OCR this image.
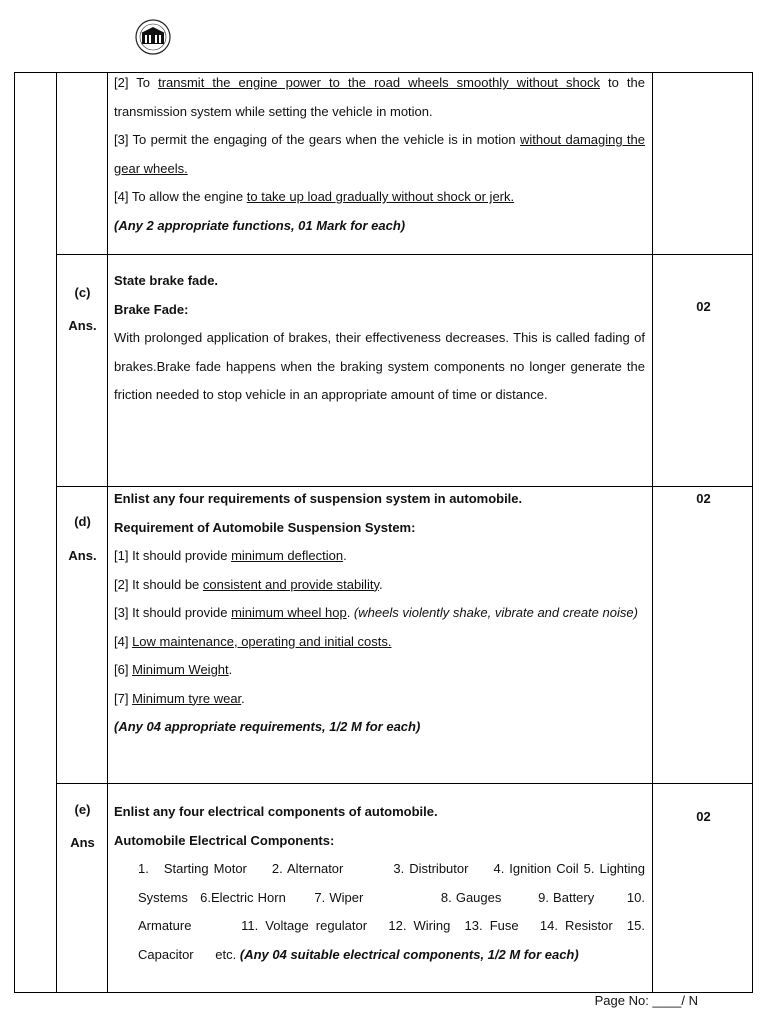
[2] To transmit the engine power to the road wheels smoothly without shock to the transmission system while setting the vehicle in motion.

[3] To permit the engaging of the gears when the vehicle is in motion without damaging the gear wheels.

[4] To allow the engine to take up load gradually without shock or jerk.

(Any 2 appropriate functions, 01 Mark for each)

(c)
Ans.
02

State brake fade.

Brake Fade:

With prolonged application of brakes, their effectiveness decreases. This is called fading of brakes.Brake fade happens when the braking system components no longer generate the friction needed to stop vehicle in an appropriate amount of time or distance.

(d)
Ans.
02

Enlist any four requirements of suspension system in automobile.

Requirement of Automobile Suspension System:

[1] It should provide minimum deflection.

[2] It should be consistent and provide stability.

[3] It should provide minimum wheel hop. (wheels violently shake, vibrate and create noise)

[4] Low maintenance, operating and initial costs.

[6] Minimum Weight.

[7] Minimum tyre wear.

(Any 04 appropriate requirements, 1/2 M for each)

(e)
Ans
02

Enlist any four electrical components of automobile.

Automobile Electrical Components:

1.   Starting Motor     2. Alternator          3. Distributor     4. Ignition Coil 5. Lighting Systems   6.Electric Horn       7. Wiper                   8. Gauges         9. Battery        10. Armature       11. Voltage regulator   12. Wiring  13. Fuse   14. Resistor  15. Capacitor      etc. (Any 04 suitable electrical components, 1/2 M for each)

Page No: ____/ N
